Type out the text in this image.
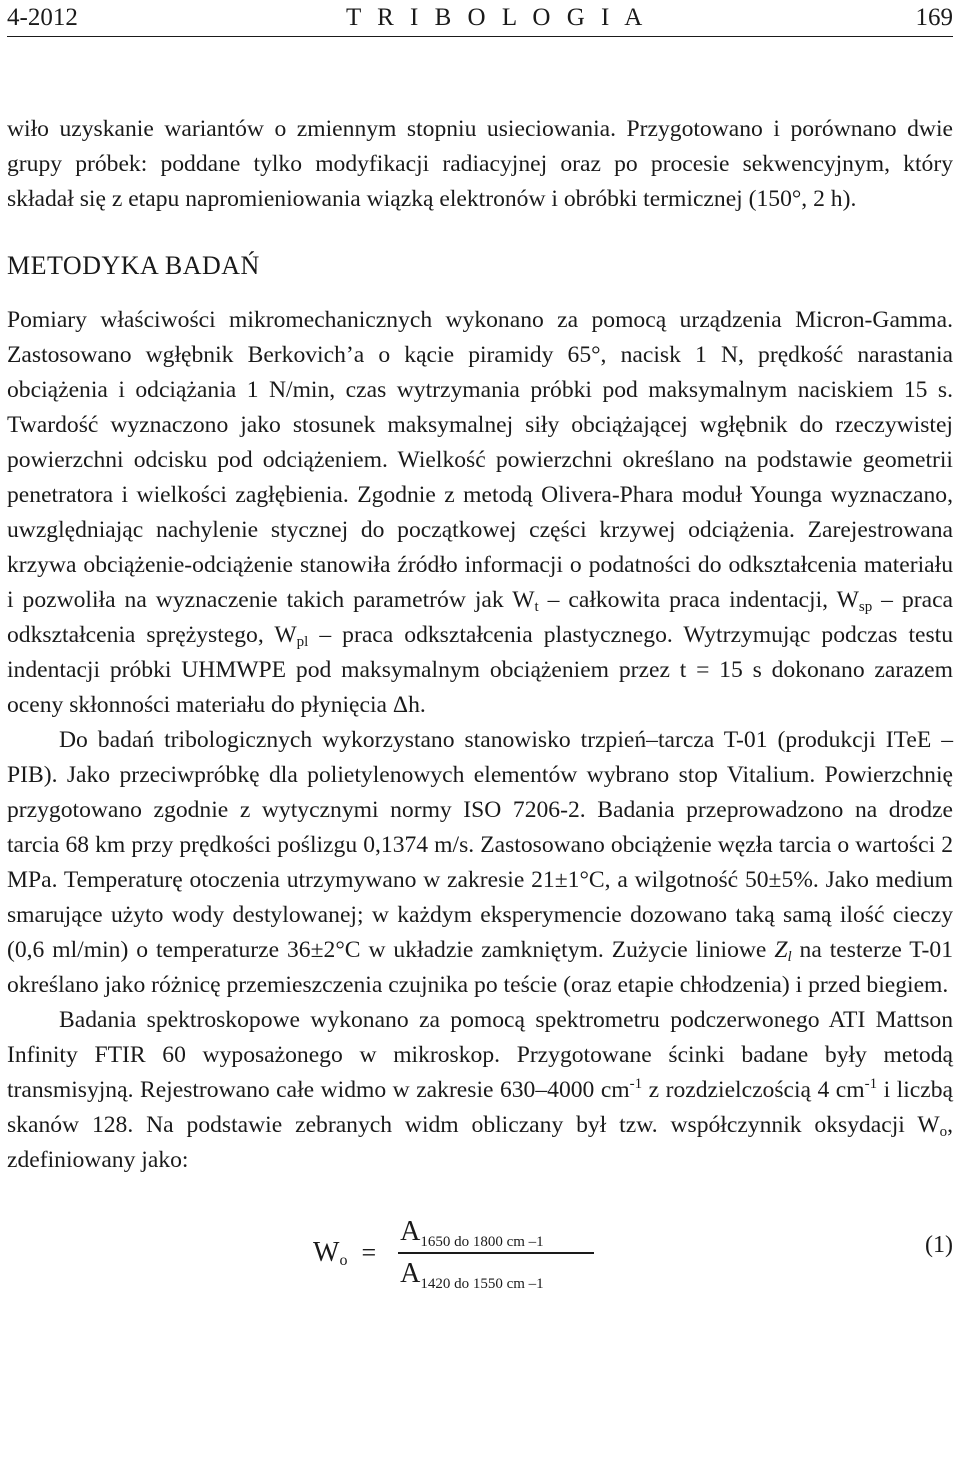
4-2012	T R I B O L O G I A	169

wiło uzyskanie wariantów o zmiennym stopniu usieciowania. Przygotowano i porównano dwie grupy próbek: poddane tylko modyfikacji radiacyjnej oraz po procesie sekwencyjnym, który składał się z etapu napromieniowania wiązką elektronów i obróbki termicznej (150°, 2 h).

METODYKA BADAŃ

Pomiary właściwości mikromechanicznych wykonano za pomocą urządzenia Micron-Gamma. Zastosowano wgłębnik Berkovich’a o kącie piramidy 65°, nacisk 1 N, prędkość narastania obciążenia i odciążania 1 N/min, czas wytrzymania próbki pod maksymalnym naciskiem 15 s. Twardość wyznaczono jako stosunek maksymalnej siły obciążającej wgłębnik do rzeczywistej powierzchni odcisku pod odciążeniem. Wielkość powierzchni określano na podstawie geometrii penetratora i wielkości zagłębienia. Zgodnie z metodą Olivera-Phara moduł Younga wyznaczano, uwzględniając nachylenie stycznej do początkowej części krzywej odciążenia. Zarejestrowana krzywa obciążenie-odciążenie stanowiła źródło informacji o podatności do odkształcenia materiału i pozwoliła na wyznaczenie takich parametrów jak $W_t$ – całkowita praca indentacji, $W_{sp}$ – praca odkształcenia sprężystego, $W_{pl}$ – praca odkształcenia plastycznego. Wytrzymując podczas testu indentacji próbki UHMWPE pod maksymalnym obciążeniem przez t = 15 s dokonano zarazem oceny skłonności materiału do płynięcia Δh.

Do badań tribologicznych wykorzystano stanowisko trzpień–tarcza T-01 (produkcji ITeE – PIB). Jako przeciwpróbkę dla polietylenowych elementów wybrano stop Vitalium. Powierzchnię przygotowano zgodnie z wytycznymi normy ISO 7206-2. Badania przeprowadzono na drodze tarcia 68 km przy prędkości poślizgu 0,1374 m/s. Zastosowano obciążenie węzła tarcia o wartości 2 MPa. Temperaturę otoczenia utrzymywano w zakresie 21±1°C, a wilgotność 50±5%. Jako medium smarujące użyto wody destylowanej; w każdym eksperymencie dozowano taką samą ilość cieczy (0,6 ml/min) o temperaturze 36±2°C w układzie zamkniętym. Zużycie liniowe $Z_l$ na testerze T-01 określano jako różnicę przemieszczenia czujnika po teście (oraz etapie chłodzenia) i przed biegiem.

Badania spektroskopowe wykonano za pomocą spektrometru podczerwonego ATI Mattson Infinity FTIR 60 wyposażonego w mikroskop. Przygotowane ścinki badane były metodą transmisyjną. Rejestrowano całe widmo w zakresie 630–4000 $cm^{-1}$ z rozdzielczością 4 $cm^{-1}$ i liczbą skanów 128. Na podstawie zebranych widm obliczany był tzw. współczynnik oksydacji $W_o$, zdefiniowany jako:

$W_o = \frac{A_{1650 do 1800 cm -1}}{A_{1420 do 1550 cm -1}}$	(1)
